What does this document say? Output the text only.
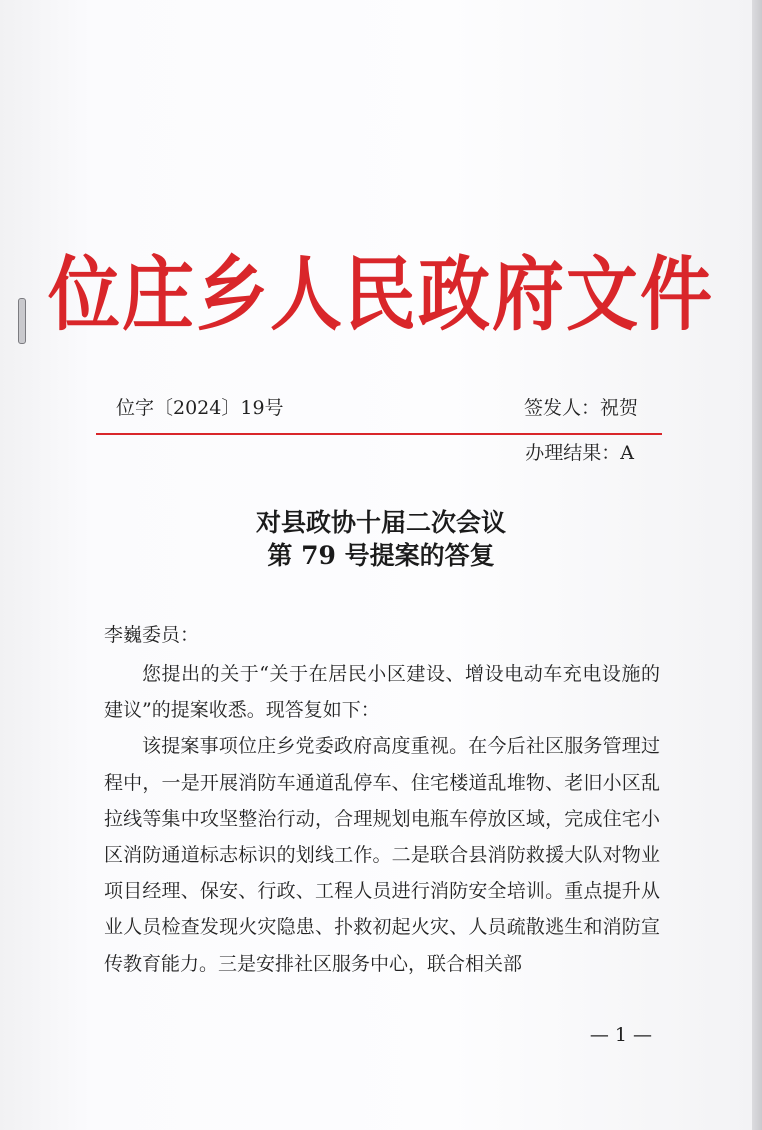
位庄乡人民政府文件
位字〔2024〕19号	签发人：祝贺
办理结果：A
对县政协十届二次会议
第 79 号提案的答复
李巍委员：

您提出的关于“关于在居民小区建设、增设电动车充电设施的建议”的提案收悉。现答复如下：

该提案事项位庄乡党委政府高度重视。在今后社区服务管理过程中，一是开展消防车通道乱停车、住宅楼道乱堆物、老旧小区乱拉线等集中攻坚整治行动，合理规划电瓶车停放区域，完成住宅小区消防通道标志标识的划线工作。二是联合县消防救援大队对物业项目经理、保安、行政、工程人员进行消防安全培训。重点提升从业人员检查发现火灾隐患、扑救初起火灾、人员疏散逃生和消防宣传教育能力。三是安排社区服务中心，联合相关部

— 1 —
